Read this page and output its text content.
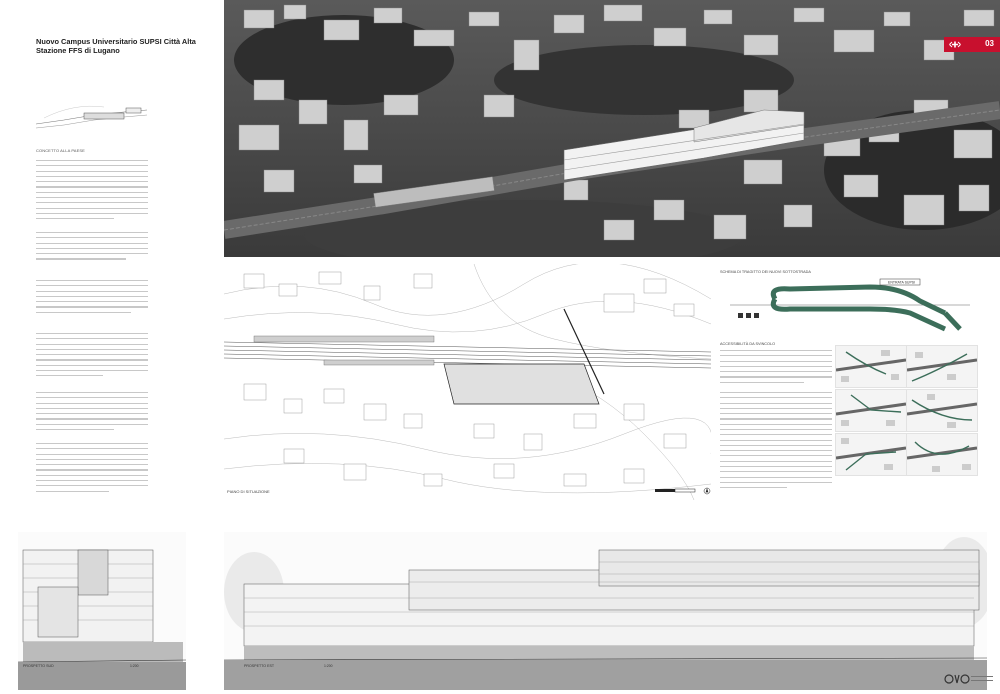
Nuovo Campus Universitario SUPSI Città Alta
Stazione FFS di Lugano
CONCETTO ALLA PAESE
03
PIANO DI SITUAZIONE
SCHEMA DI TRAGITTO DEI NUOVI SOTTOSTRADA
ENTRATA SUPSI
ACCESSIBILITÀ DA SVINCOLO
PROSPETTO SUD	1:200	PROSPETTO EST	1:200
